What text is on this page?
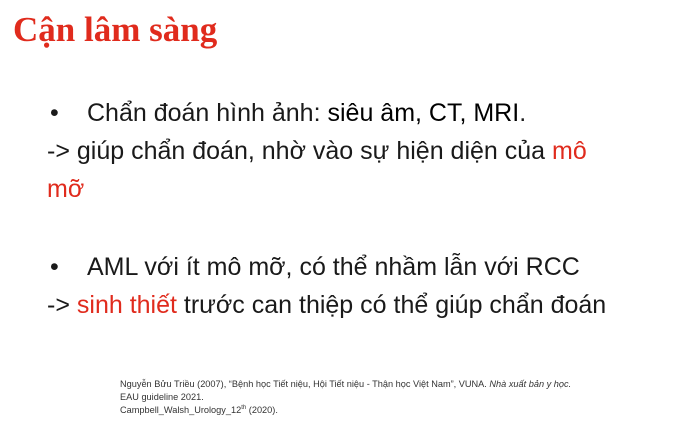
Cận lâm sàng
•	Chẩn đoán hình ảnh: siêu âm, CT, MRI.
-> giúp chẩn đoán, nhờ vào sự hiện diện của mô
mỡ
•	AML với ít mô mỡ, có thể nhầm lẫn với RCC
-> sinh thiết trước can thiệp có thể giúp chẩn đoán
Nguyễn Bửu Triều (2007), “Bệnh học Tiết niệu, Hội Tiết niệu - Thận học Việt Nam”, VUNA. Nhà xuất bản y học.
EAU guideline 2021.
Campbell_Walsh_Urology_12th (2020).
